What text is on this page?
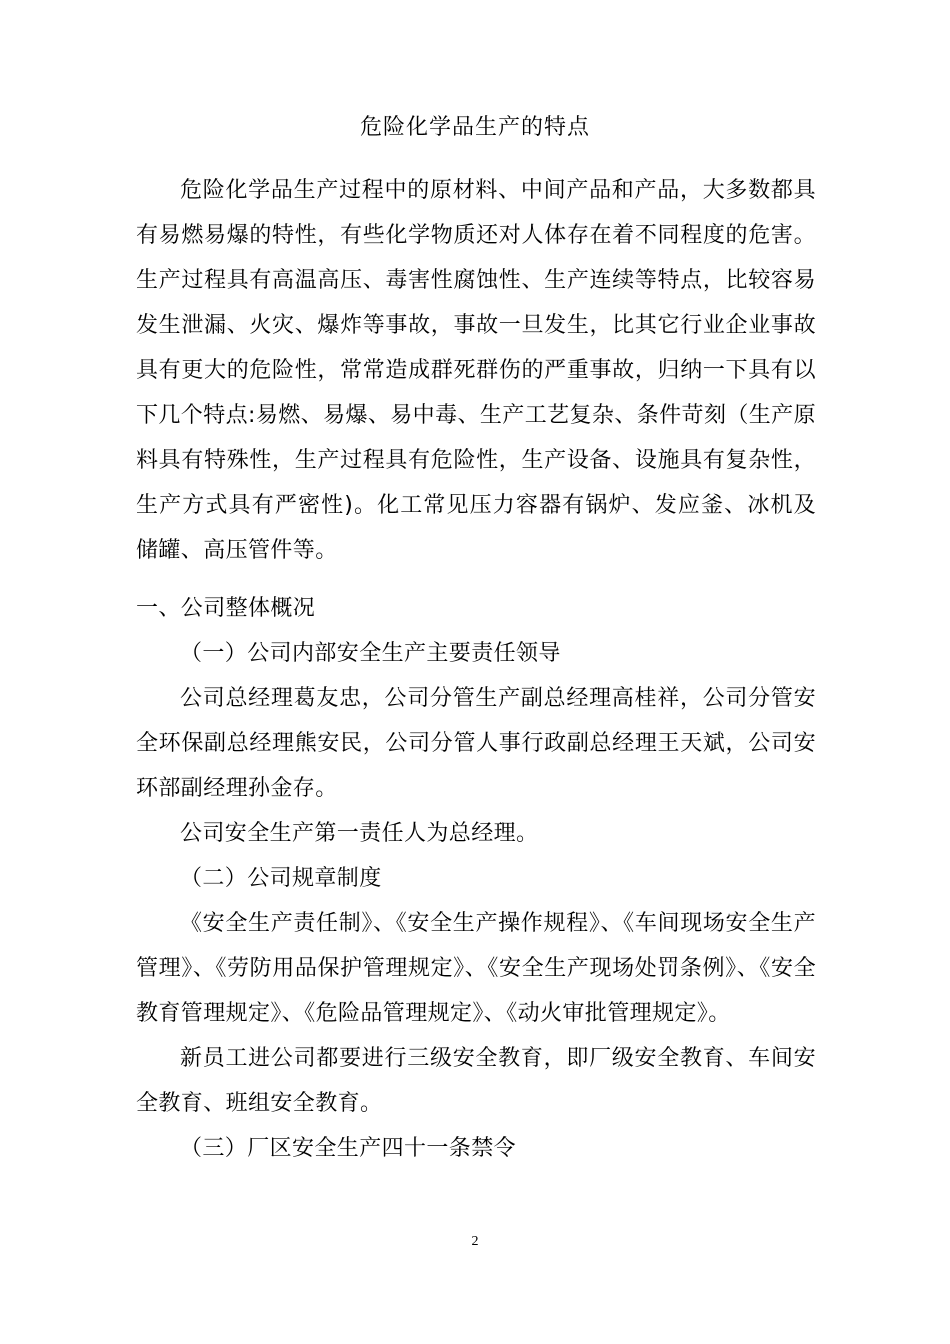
危险化学品生产的特点

危险化学品生产过程中的原材料、中间产品和产品，大多数都具有易燃易爆的特性，有些化学物质还对人体存在着不同程度的危害。生产过程具有高温高压、毒害性腐蚀性、生产连续等特点，比较容易发生泄漏、火灾、爆炸等事故，事故一旦发生，比其它行业企业事故具有更大的危险性，常常造成群死群伤的严重事故，归纳一下具有以下几个特点:易燃、易爆、易中毒、生产工艺复杂、条件苛刻（生产原料具有特殊性，生产过程具有危险性，生产设备、设施具有复杂性，生产方式具有严密性)。化工常见压力容器有锅炉、发应釜、冰机及储罐、高压管件等。

一、公司整体概况

（一）公司内部安全生产主要责任领导

公司总经理葛友忠，公司分管生产副总经理高桂祥，公司分管安全环保副总经理熊安民，公司分管人事行政副总经理王天斌，公司安环部副经理孙金存。

公司安全生产第一责任人为总经理。

（二）公司规章制度

《安全生产责任制》、《安全生产操作规程》、《车间现场安全生产管理》、《劳防用品保护管理规定》、《安全生产现场处罚条例》、《安全教育管理规定》、《危险品管理规定》、《动火审批管理规定》。

新员工进公司都要进行三级安全教育，即厂级安全教育、车间安全教育、班组安全教育。

（三）厂区安全生产四十一条禁令

2
